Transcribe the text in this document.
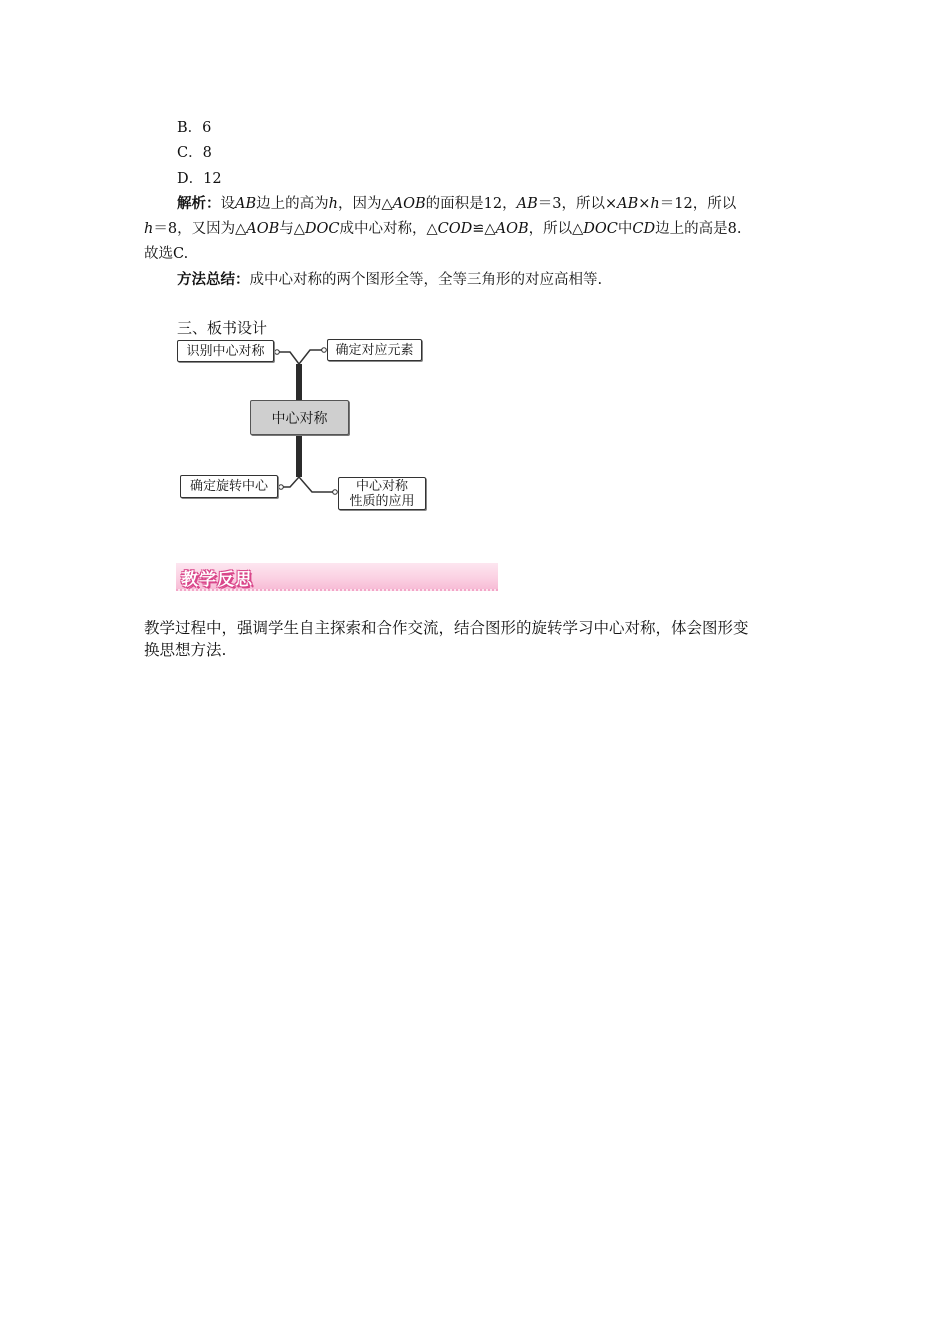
B．6
C．8
D．12
解析：设AB边上的高为h，因为△AOB的面积是12，AB＝3，所以×AB×h＝12，所以
h＝8，又因为△AOB与△DOC成中心对称，△COD≌△AOB，所以△DOC中CD边上的高是8.
故选C.
方法总结：成中心对称的两个图形全等，全等三角形的对应高相等.
三、板书设计
识别中心对称	确定对应元素
中心对称
确定旋转中心	中心对称
性质的应用
教学反思
教学过程中，强调学生自主探索和合作交流，结合图形的旋转学习中心对称，体会图形变
换思想方法.
